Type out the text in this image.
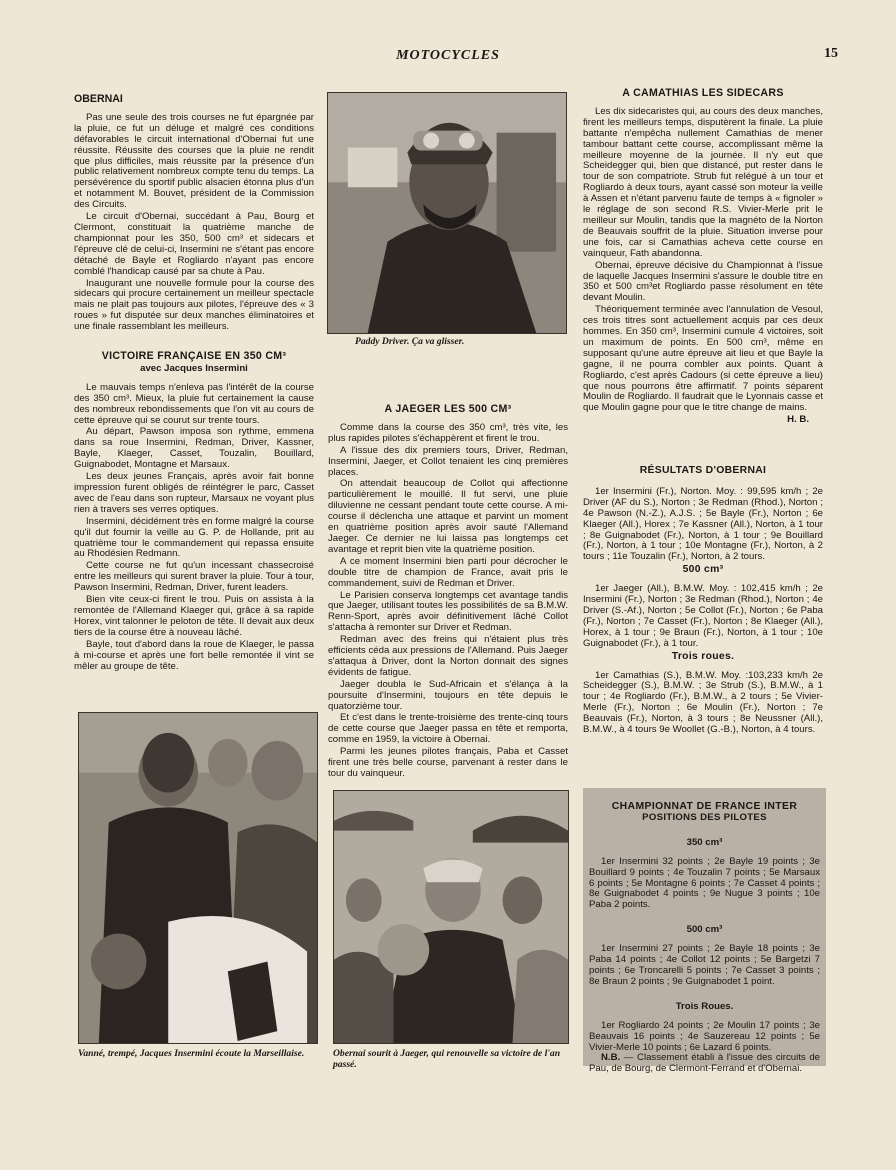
MOTOCYCLES	15
OBERNAI

Pas une seule des trois courses ne fut épargnée par la pluie, ce fut un déluge et malgré ces conditions défavorables le circuit international d'Obernai fut une réussite. Réussite des courses que la pluie ne rendit que plus difficiles, mais réussite par la présence d'un public relativement nombreux compte tenu du temps. La persévérence du sportif public alsacien étonna plus d'un et notamment M. Bouvet, président de la Commission des Circuits.

Le circuit d'Obernai, succédant à Pau, Bourg et Clermont, constituait la quatrième manche de championnat pour les 350, 500 cm³ et sidecars et l'épreuve clé de celui-ci, Insermini ne s'étant pas encore détaché de Bayle et Rogliardo n'ayant pas encore comblé l'handicap causé par sa chute à Pau.

Inaugurant une nouvelle formule pour la course des sidecars qui procure certainement un meilleur spectacle mais ne plait pas toujours aux pilotes, l'épreuve des « 3 roues » fut disputée sur deux manches éliminatoires et une finale rassemblant les meilleurs.

VICTOIRE FRANÇAISE EN 350 CM³
avec Jacques Insermini

Le mauvais temps n'enleva pas l'intérêt de la course des 350 cm³. Mieux, la pluie fut certainement la cause des nombreux rebondissements que l'on vit au cours de cette épreuve qui se courut sur trente tours.

Au départ, Pawson imposa son rythme, emmena dans sa roue Insermini, Redman, Driver, Kassner, Bayle, Klaeger, Casset, Touzalin, Bouillard, Guignabodet, Montagne et Marsaux.

Les deux jeunes Français, après avoir fait bonne impression furent obligés de réintégrer le parc, Casset avec de l'eau dans son rupteur, Marsaux ne voyant plus rien à travers ses verres optiques.

Insermini, décidément très en forme malgré la course qu'il dut fournir la veille au G. P. de Hollande, prit au quatrième tour le commandement qui repassa ensuite au Rhodésien Redmann.

Cette course ne fut qu'un incessant chassecroisé entre les meilleurs qui surent braver la pluie. Tour à tour, Pawson Insermini, Redman, Driver, furent leaders.

Bien vite ceux-ci firent le trou. Puis on assista à la remontée de l'Allemand Klaeger qui, grâce à sa rapide Horex, vint talonner le peloton de tête. Il devait aux deux tiers de la course être à nouveau lâché.

Bayle, tout d'abord dans la roue de Klaeger, le passa à mi-course et après une fort belle remontée il vint se mêler au groupe de tête.

Paddy Driver. Ça va glisser.
A JAEGER LES 500 CM³

Comme dans la course des 350 cm³, très vite, les plus rapides pilotes s'échappèrent et firent le trou.

A l'issue des dix premiers tours, Driver, Redman, Insermini, Jaeger, et Collot tenaient les cinq premières places.

On attendait beaucoup de Collot qui affectionne particulièrement le mouillé. Il fut servi, une pluie diluvienne ne cessant pendant toute cette course. A mi-course il déclencha une attaque et parvint un moment en quatrième position après avoir sauté l'Allemand Jaeger. Ce dernier ne lui laissa pas longtemps cet avantage et reprit bien vite la quatrième position.

A ce moment Insermini bien parti pour décrocher le double titre de champion de France, avait pris le commandement, suivi de Redman et Driver.

Le Parisien conserva longtemps cet avantage tandis que Jaeger, utilisant toutes les possibilités de sa B.M.W. Renn-Sport, après avoir définitivement lâché Collot s'attacha à remonter sur Driver et Redman.

Redman avec des freins qui n'étaient plus très efficients céda aux pressions de l'Allemand. Puis Jaeger s'attaqua à Driver, dont la Norton donnait des signes évidents de fatigue.

Jaeger doubla le Sud-Africain et s'élança à la poursuite d'Insermini, toujours en tête depuis le quatorzième tour.

Et c'est dans le trente-troisième des trente-cinq tours de cette course que Jaeger passa en tête et remporta, comme en 1959, la victoire à Obernai.

Parmi les jeunes pilotes français, Paba et Casset firent une très belle course, parvenant à rester dans le tour du vainqueur.

A CAMATHIAS LES SIDECARS

Les dix sidecaristes qui, au cours des deux manches, firent les meilleurs temps, disputèrent la finale. La pluie battante n'empêcha nullement Camathias de mener tambour battant cette course, accomplissant même la meilleure moyenne de la journée. Il n'y eut que Scheidegger qui, bien que distancé, put rester dans le tour de son compatriote. Strub fut relégué à un tour et Rogliardo à deux tours, ayant cassé son moteur la veille à Assen et n'étant parvenu faute de temps à « fignoler » le réglage de son second R.S. Vivier-Merle prit le meilleur sur Moulin, tandis que la magnéto de la Norton de Beauvais souffrit de la pluie. Situation inverse pour une fois, car si Camathias acheva cette course en vainqueur, Fath abandonna.

Obernai, épreuve décisive du Championnat à l'issue de laquelle Jacques Insermini s'assure le double titre en 350 et 500 cm³et Rogliardo passe résolument en tête devant Moulin.

Théoriquement terminée avec l'annulation de Vesoul, ces trois titres sont actuellement acquis par ces deux hommes. En 350 cm³, Insermini cumule 4 victoires, soit un maximum de points. En 500 cm³, même en supposant qu'une autre épreuve ait lieu et que Bayle la gagne, il ne pourra combler aux points. Quant à Rogliardo, c'est après Cadours (si cette épreuve a lieu) que nous pourrons être affirmatif. 7 points séparent Moulin de Rogliardo. Il faudrait que le Lyonnais casse et que Moulin gagne pour que le titre change de mains.

H. B.
RÉSULTATS D'OBERNAI

1er Insermini (Fr.), Norton. Moy. : 99,595 km/h ; 2e Driver (AF du S.), Norton ; 3e Redman (Rhod.), Norton ; 4e Pawson (N.-Z.), A.J.S. ; 5e Bayle (Fr.), Norton ; 6e Klaeger (All.), Horex ; 7e Kassner (All.), Norton, à 1 tour ; 8e Guignabodet (Fr.), Norton, à 1 tour ; 9e Bouillard (Fr.), Norton, à 1 tour ; 10e Montagne (Fr.), Norton, à 2 tours ; 11e Touzalin (Fr.), Norton, à 2 tours.

500 cm³

1er Jaeger (All.), B.M.W. Moy. : 102,415 km/h ; 2e Insermini (Fr.), Norton ; 3e Redman (Rhod.), Norton ; 4e Driver (S.-Af.), Norton ; 5e Collot (Fr.), Norton ; 6e Paba (Fr.), Norton ; 7e Casset (Fr.), Norton ; 8e Klaeger (All.), Horex, à 1 tour ; 9e Braun (Fr.), Norton, à 1 tour ; 10e Guignabodet (Fr.), à 1 tour.

Trois roues.

1er Camathias (S.), B.M.W. Moy. :103,233 km/h 2e Scheidegger (S.), B.M.W. ; 3e Strub (S.), B.M.W., à 1 tour ; 4e Rogliardo (Fr.), B.M.W., à 2 tours ; 5e Vivier-Merle (Fr.), Norton ; 6e Moulin (Fr.), Norton ; 7e Beauvais (Fr.), Norton, à 3 tours ; 8e Neussner (All.), B.M.W., à 4 tours 9e Woollet (G.-B.), Norton, à 4 tours.

Vanné, trempé, Jacques Insermini écoute la Marseillaise.	Obernai sourit à Jaeger, qui renouvelle sa victoire de l'an passé.
CHAMPIONNAT DE FRANCE INTER
POSITIONS DES PILOTES
350 cm³

1er Insermini 32 points ; 2e Bayle 19 points ; 3e Bouillard 9 points ; 4e Touzalin 7 points ; 5e Marsaux 6 points ; 5e Montagne 6 points ; 7e Casset 4 points ; 8e Guignabodet 4 points ; 9e Nugue 3 points ; 10e Paba 2 points.

500 cm³

1er Insermini 27 points ; 2e Bayle 18 points ; 3e Paba 14 points ; 4e Collot 12 points ; 5e Bargetzi 7 points ; 6e Troncarelli 5 points ; 7e Casset 3 points ; 8e Braun 2 points ; 9e Guignabodet 1 point.

Trois Roues.

1er Rogliardo 24 points ; 2e Moulin 17 points ; 3e Beauvais 16 points ; 4e Sauzereau 12 points ; 5e Vivier-Merle 10 points ; 6e Lazard 6 points.

N.B. — Classement établi à l'issue des circuits de Pau, de Bourg, de Clermont-Ferrand et d'Obernai.
